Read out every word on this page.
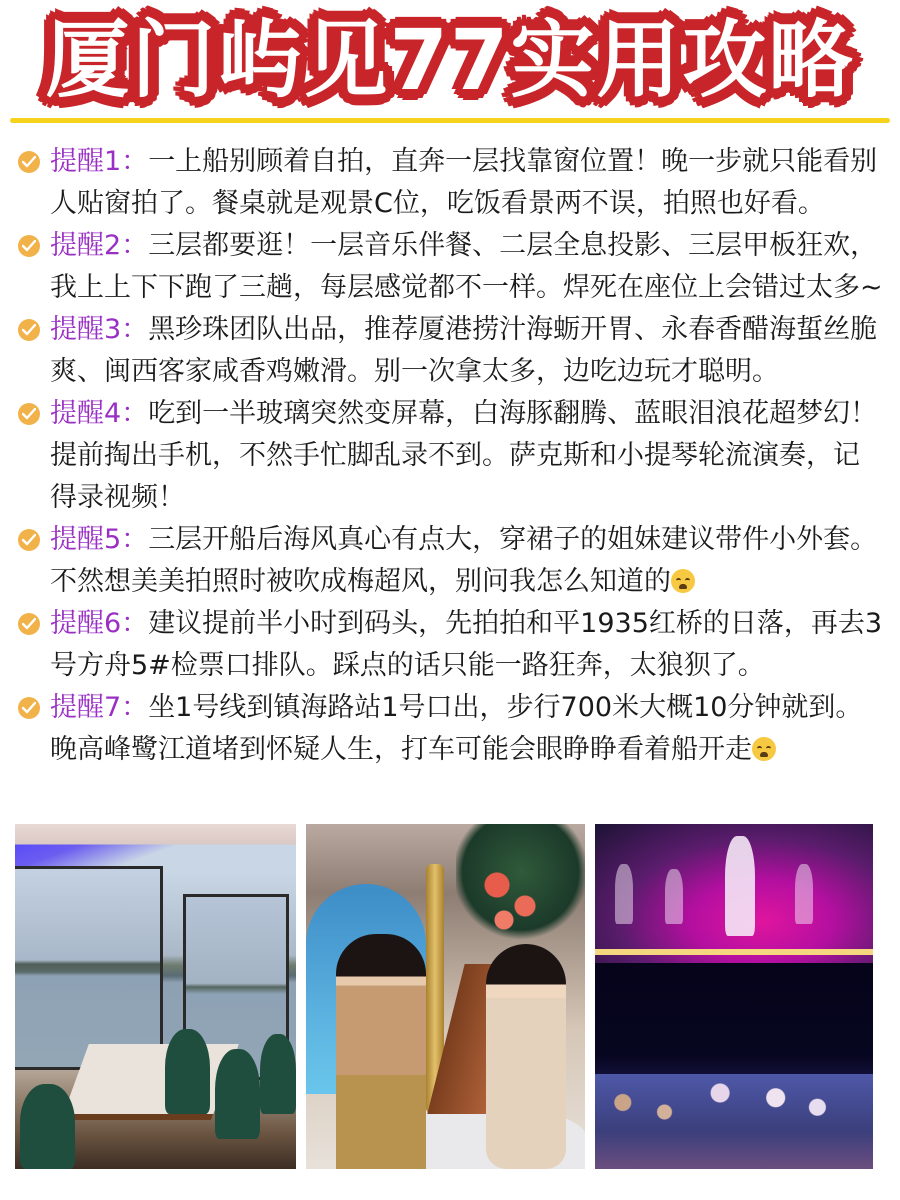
厦门屿见77实用攻略
提醒1：一上船别顾着自拍，直奔一层找靠窗位置！晚一步就只能看别人贴窗拍了。餐桌就是观景C位，吃饭看景两不误，拍照也好看。
提醒2：三层都要逛！一层音乐伴餐、二层全息投影、三层甲板狂欢，我上上下下跑了三趟，每层感觉都不一样。焊死在座位上会错过太多~
提醒3：黑珍珠团队出品，推荐厦港捞汁海蛎开胃、永春香醋海蜇丝脆爽、闽西客家咸香鸡嫩滑。别一次拿太多，边吃边玩才聪明。
提醒4：吃到一半玻璃突然变屏幕，白海豚翻腾、蓝眼泪浪花超梦幻！提前掏出手机，不然手忙脚乱录不到。萨克斯和小提琴轮流演奏，记得录视频！
提醒5：三层开船后海风真心有点大，穿裙子的姐妹建议带件小外套。不然想美美拍照时被吹成梅超风，别问我怎么知道的
提醒6：建议提前半小时到码头，先拍拍和平1935红桥的日落，再去3号方舟5#检票口排队。踩点的话只能一路狂奔，太狼狈了。
提醒7：坐1号线到镇海路站1号口出，步行700米大概10分钟就到。晚高峰鹭江道堵到怀疑人生，打车可能会眼睁睁看着船开走
